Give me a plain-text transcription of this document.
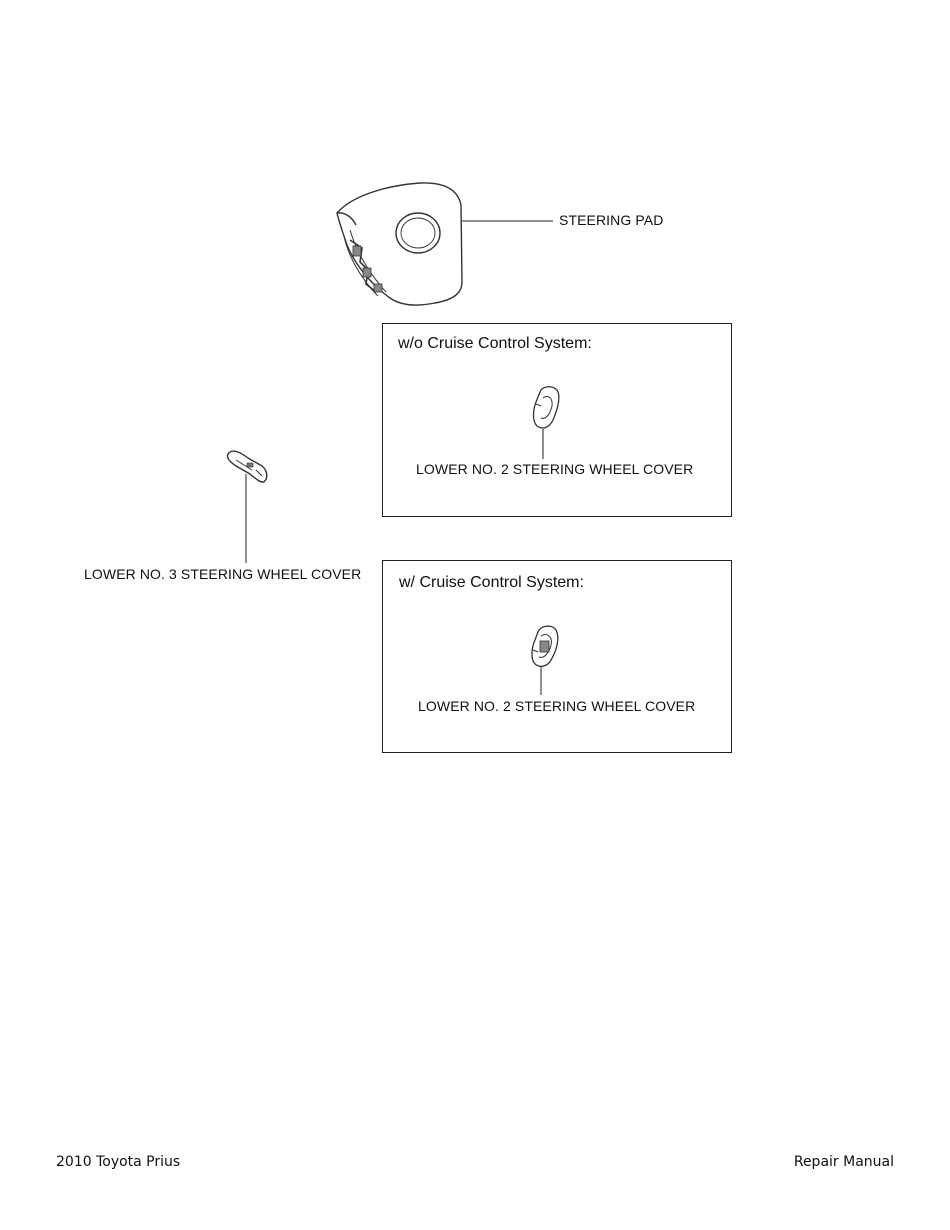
STEERING PAD
LOWER NO. 3 STEERING WHEEL COVER
w/o Cruise Control System:
LOWER NO. 2 STEERING WHEEL COVER
w/ Cruise Control System:
LOWER NO. 2 STEERING WHEEL COVER
2010 Toyota Prius	Repair Manual
